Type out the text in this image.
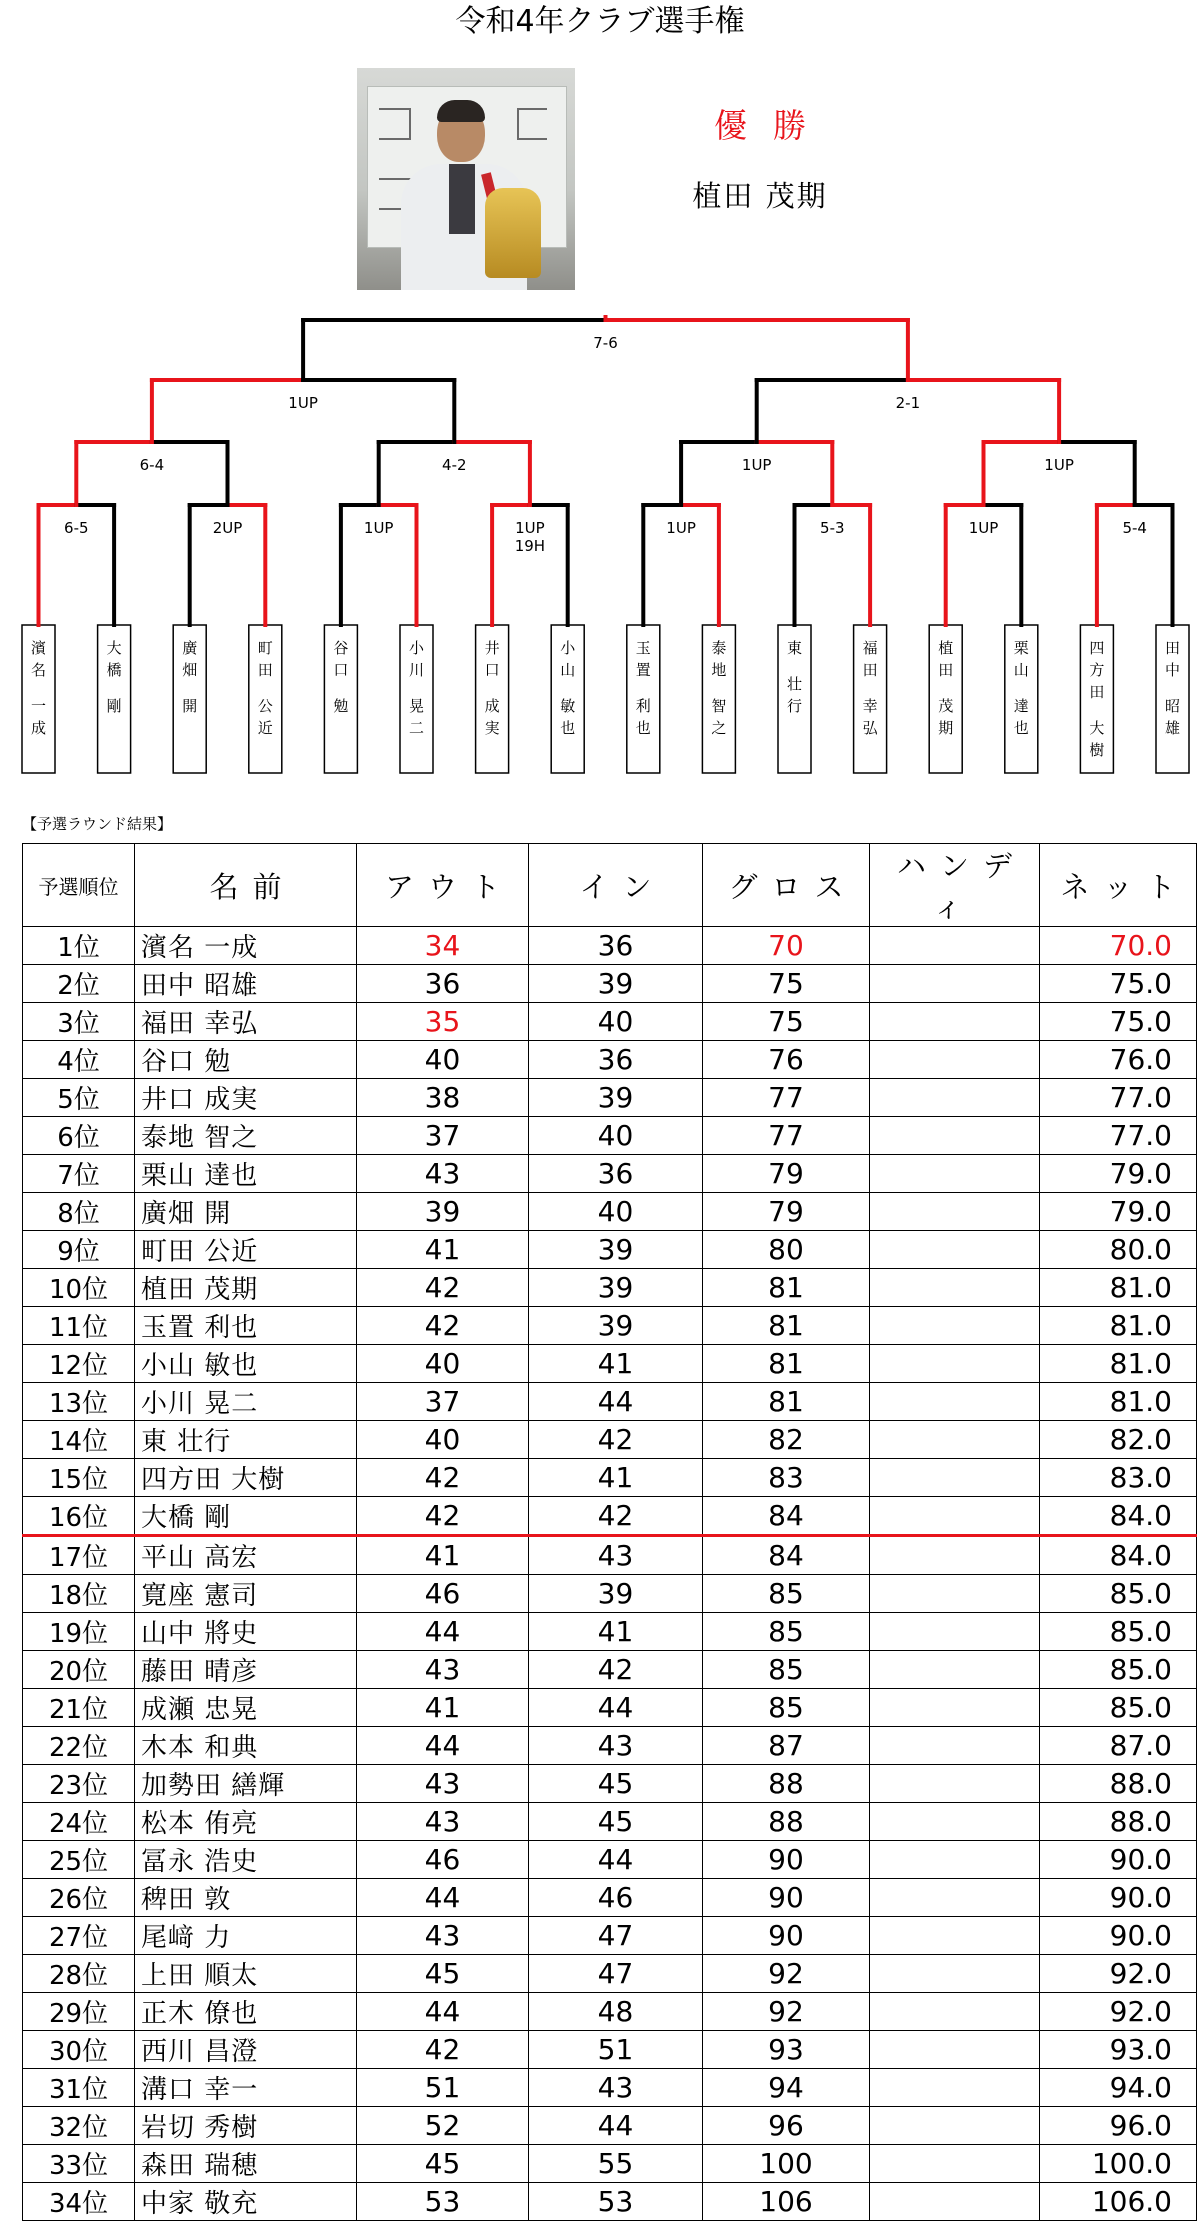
令和4年クラブ選手権
優勝
植田 茂期
濱
名
一
成
大
橋
剛
廣
畑
開
町
田
公
近
谷
口
勉
小
川
晃
二
井
口
成
実
小
山
敏
也
玉
置
利
也
泰
地
智
之
東
壮
行
福
田
幸
弘
植
田
茂
期
栗
山
達
也
四
方
田
大
樹
田
中
昭
雄
6-5	2UP	1UP	1UP
19H
1UP	5-3	1UP	5-4
6-4	4-2	1UP	1UP
1UP	2-1
7-6
【予選ラウンド結果】
予選順位	名前	アウト	イン	グロス	ハンディ	ネット
1位	濱名 一成	34	36	70		70.0
2位	田中 昭雄	36	39	75		75.0
3位	福田 幸弘	35	40	75		75.0
4位	谷口 勉	40	36	76		76.0
5位	井口 成実	38	39	77		77.0
6位	泰地 智之	37	40	77		77.0
7位	栗山 達也	43	36	79		79.0
8位	廣畑 開	39	40	79		79.0
9位	町田 公近	41	39	80		80.0
10位	植田 茂期	42	39	81		81.0
11位	玉置 利也	42	39	81		81.0
12位	小山 敏也	40	41	81		81.0
13位	小川 晃二	37	44	81		81.0
14位	東 壮行	40	42	82		82.0
15位	四方田 大樹	42	41	83		83.0
16位	大橋 剛	42	42	84		84.0
17位	平山 高宏	41	43	84		84.0
18位	寛座 憲司	46	39	85		85.0
19位	山中 將史	44	41	85		85.0
20位	藤田 晴彦	43	42	85		85.0
21位	成瀬 忠晃	41	44	85		85.0
22位	木本 和典	44	43	87		87.0
23位	加勢田 繕輝	43	45	88		88.0
24位	松本 侑亮	43	45	88		88.0
25位	冨永 浩史	46	44	90		90.0
26位	稗田 敦	44	46	90		90.0
27位	尾﨑 力	43	47	90		90.0
28位	上田 順太	45	47	92		92.0
29位	正木 僚也	44	48	92		92.0
30位	西川 昌澄	42	51	93		93.0
31位	溝口 幸一	51	43	94		94.0
32位	岩切 秀樹	52	44	96		96.0
33位	森田 瑞穂	45	55	100		100.0
34位	中家 敬充	53	53	106		106.0
